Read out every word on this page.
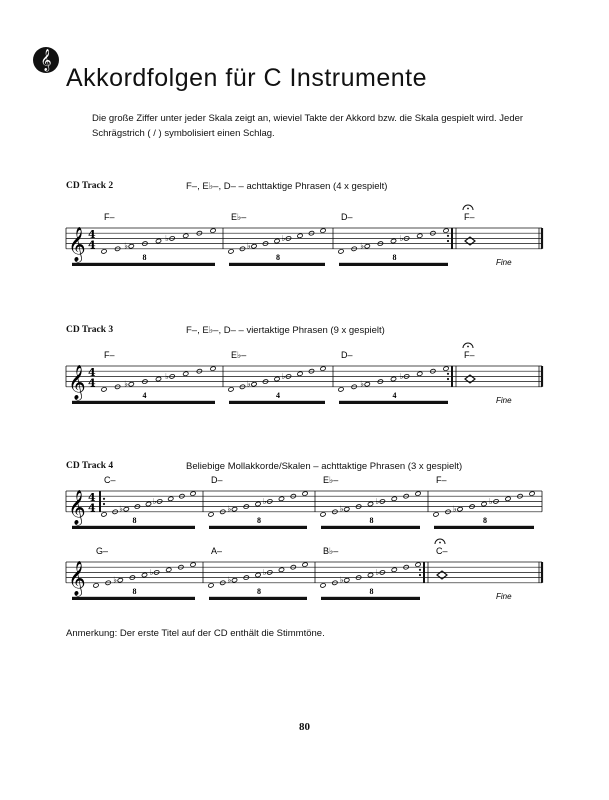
𝄞
Akkordfolgen für C Instrumente
Die große Ziffer unter jeder Skala zeigt an, wieviel Takte der Akkord bzw. die Skala gespielt wird. Jeder Schrägstrich ( / ) symbolisiert einen Schlag.
CD Track 2	F–, E♭–, D– – achttaktige Phrasen (4 x gespielt)
CD Track 3	F–, E♭–, D– – viertaktige Phrasen (9 x gespielt)
CD Track 4	Beliebige Mollakkorde/Skalen – achttaktige Phrasen (3 x gespielt)
𝄞 4
4
F–
♭
♭
8
E♭–
♭
♭
8
D–
♭
♭
8
F–
Fine
𝄞 4
4
F–
♭
♭
4
E♭–
♭
♭
4
D–
♭
♭
4
F–
Fine
𝄞 4
4
C–
♭
♭
8
D–
♭
♭
8
E♭–
♭
♭
8
F–
♭
♭
8
𝄞
G–
♭
♭
8
A–
♭
♭
8
B♭–
♭
♭
8
C–
Fine
Anmerkung: Der erste Titel auf der CD enthält die Stimmtöne.
80
